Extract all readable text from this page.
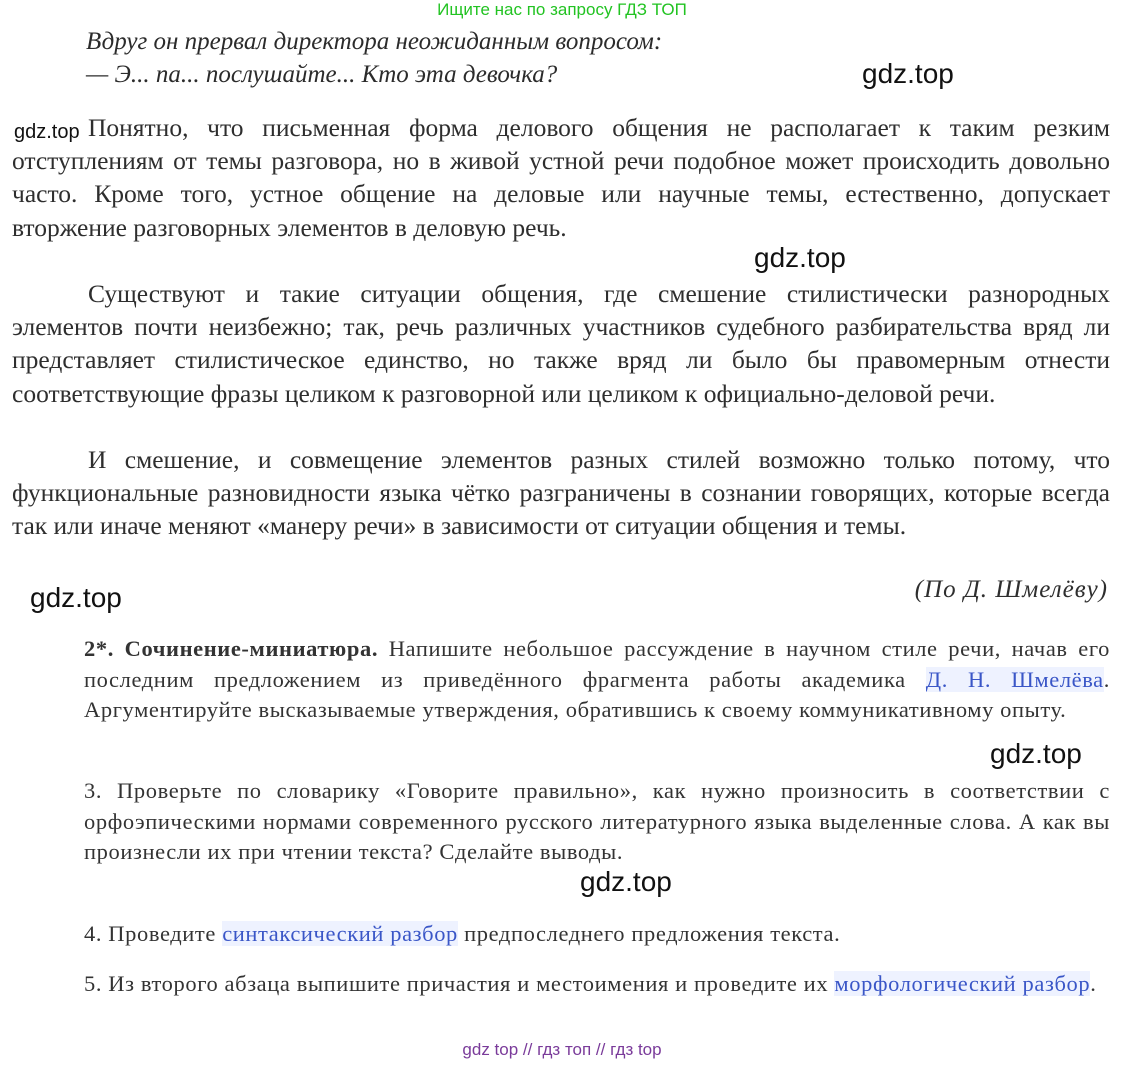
Ищите нас по запросу ГДЗ ТОП
Вдруг он прервал директора неожиданным вопросом:
— Э... па... послушайте... Кто эта девочка?
Понятно, что письменная форма делового общения не располагает к таким резким отступлениям от темы разговора, но в живой устной речи подобное может происходить довольно часто. Кроме того, устное общение на деловые или научные темы, естественно, допускает вторжение разговорных элементов в деловую речь.
Существуют и такие ситуации общения, где смешение стилистически разнородных элементов почти неизбежно; так, речь различных участников судебного разбирательства вряд ли представляет стилистическое единство, но также вряд ли было бы правомерным отнести соответствующие фразы целиком к разговорной или целиком к официально-деловой речи.
И смешение, и совмещение элементов разных стилей возможно только потому, что функциональные разновидности языка чётко разграничены в сознании говорящих, которые всегда так или иначе меняют «манеру речи» в зависимости от ситуации общения и темы.
(По Д. Шмелёву)
2*. Сочинение-миниатюра. Напишите небольшое рассуждение в научном стиле речи, начав его последним предложением из приведённого фрагмента работы академика Д. Н. Шмелёва. Аргументируйте высказываемые утверждения, обратившись к своему коммуникативному опыту.
3. Проверьте по словарику «Говорите правильно», как нужно произносить в соответствии с орфоэпическими нормами современного русского литературного языка выделенные слова. А как вы произнесли их при чтении текста? Сделайте выводы.
4. Проведите синтаксический разбор предпоследнего предложения текста.
5. Из второго абзаца выпишите причастия и местоимения и проведите их морфологический разбор.
gdz.top
gdz.top
gdz.top
gdz.top
gdz.top
gdz.top
gdz top // гдз топ // гдз top
